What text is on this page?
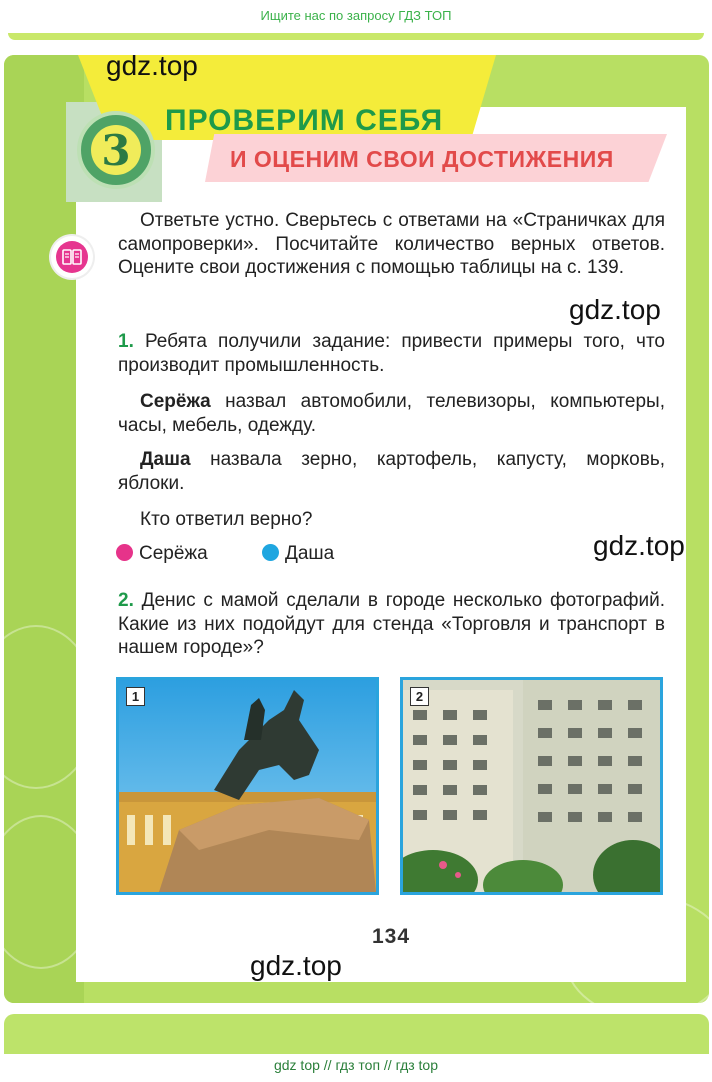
Ищите нас по запросу ГДЗ ТОП
3
ПРОВЕРИМ СЕБЯ
И ОЦЕНИМ СВОИ ДОСТИЖЕНИЯ
gdz.top
gdz.top
gdz.top
gdz.top
Ответьте устно. Сверьтесь с ответами на «Страничках для самопроверки». Посчитайте количество верных ответов. Оцените свои достижения с помощью таблицы на с. 139.
1. Ребята получили задание: привести примеры того, что производит промышленность.
Серёжа назвал автомобили, телевизоры, компьютеры, часы, мебель, одежду.
Даша назвала зерно, картофель, капусту, морковь, яблоки.
Кто ответил верно?
Серёжа	Даша
2. Денис с мамой сделали в городе несколько фотографий. Какие из них подойдут для стенда «Торговля и транспорт в нашем городе»?
1	2
134
gdz top // гдз топ // гдз top
